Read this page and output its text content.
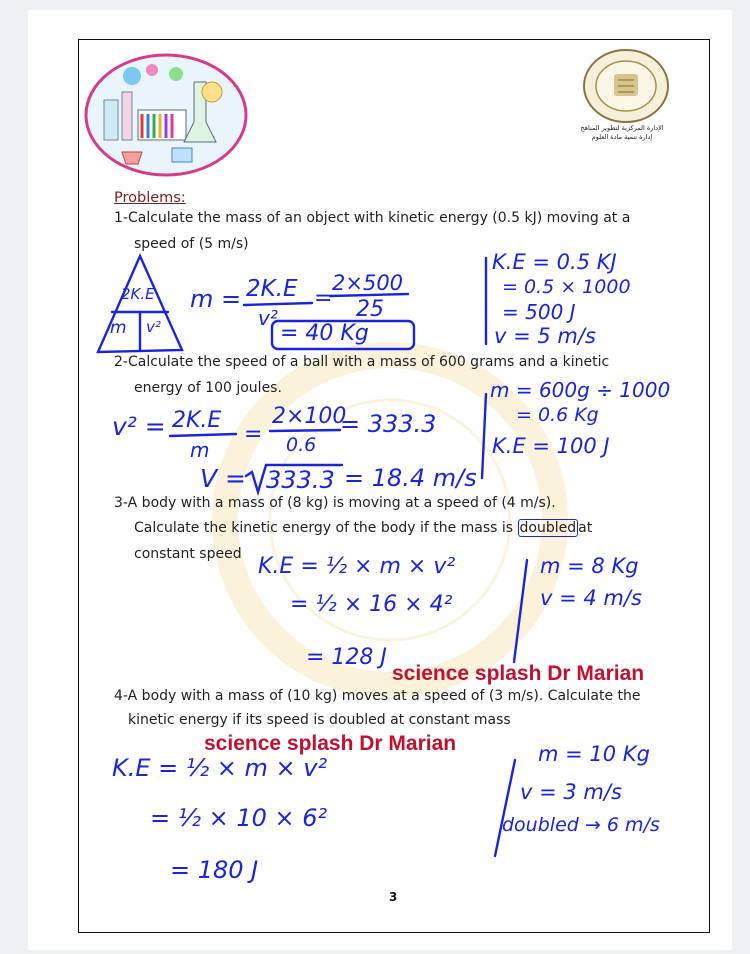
الإدارة المركزية لتطوير المناهج
إدارة تنمية مادة العلوم
Problems:
1-Calculate the mass of an object with kinetic energy (0.5 kJ) moving at a
speed of (5 m/s)
2-Calculate the speed of a ball with a mass of 600 grams and a kinetic
energy of 100 joules.
3-A body with a mass of (8 kg) is moving at a speed of (4 m/s).
Calculate the kinetic energy of the body if the mass is doubled at
constant speed
4-A body with a mass of (10 kg) moves at a speed of (3 m/s). Calculate the
kinetic energy if its speed is doubled at constant mass
2K.E
m v²
m = 2K.E
v²
=
2×500
25
= 40 Kg
K.E = 0.5 KJ
= 0.5 × 1000
= 500 J
v = 5 m/s
v² = 2K.E
m
=
2×100
0.6
= 333.3
V = 333.3 = 18.4 m/s
m = 600g ÷ 1000
= 0.6 Kg
K.E = 100 J
K.E = ½ × m × v²
= ½ × 16 × 4²
= 128 J
m = 8 Kg
v = 4 m/s
K.E = ½ × m × v²
= ½ × 10 × 6²
= 180 J
m = 10 Kg
v = 3 m/s
doubled → 6 m/s
science splash Dr Marian
science splash Dr Marian
3
